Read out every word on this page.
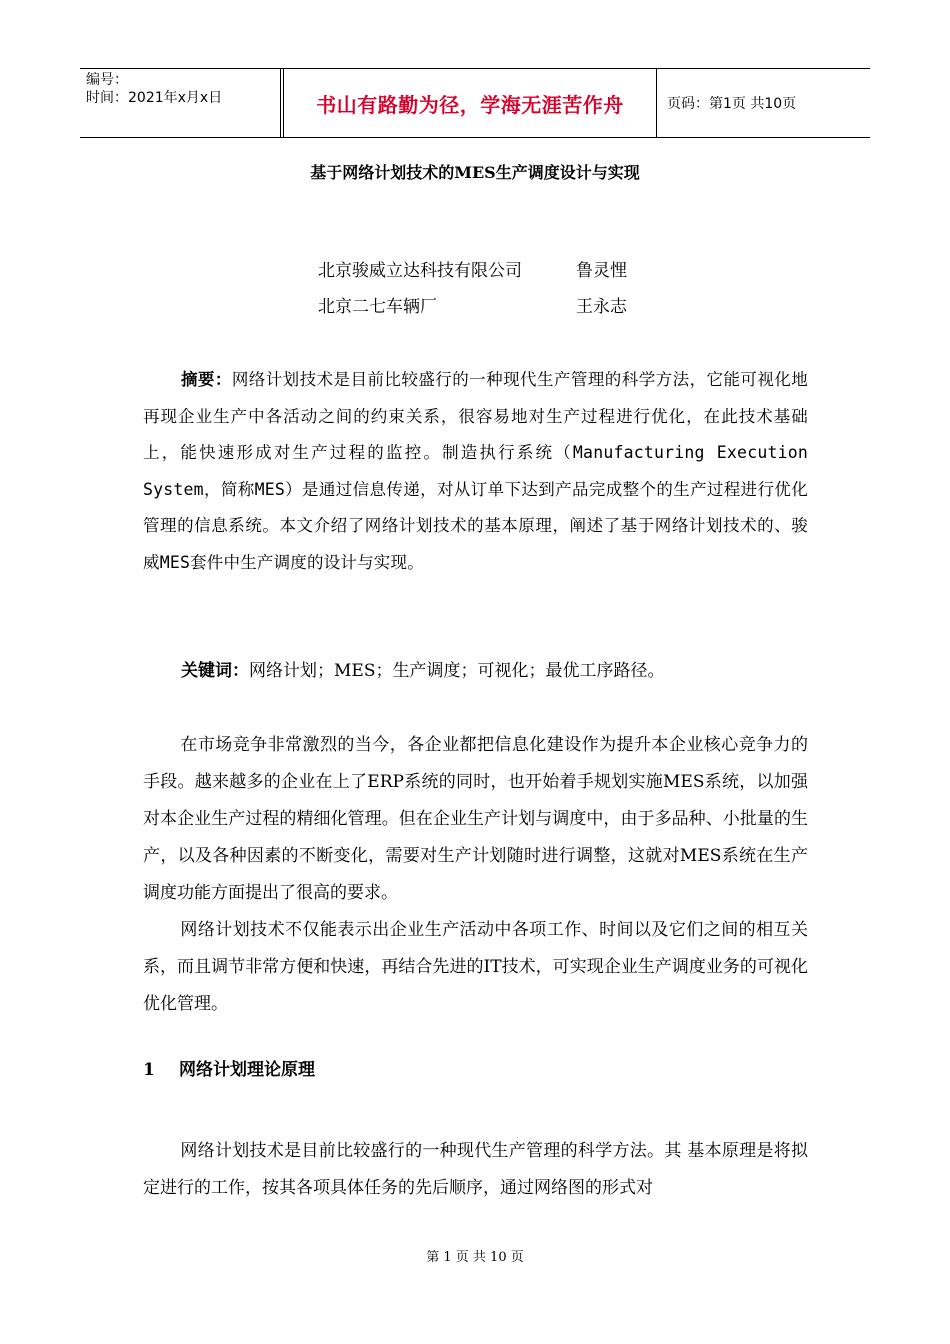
编号：
时间：2021年x月x日	书山有路勤为径，学海无涯苦作舟	页码：第1页 共10页
基于网络计划技术的MES生产调度设计与实现
北京骏威立达科技有限公司	鲁灵悝
北京二七车辆厂	王永志
摘要：网络计划技术是目前比较盛行的一种现代生产管理的科学方法，它能可视化地再现企业生产中各活动之间的约束关系，很容易地对生产过程进行优化，在此技术基础上，能快速形成对生产过程的监控。制造执行系统（Manufacturing Execution System，简称MES）是通过信息传递，对从订单下达到产品完成整个的生产过程进行优化管理的信息系统。本文介绍了网络计划技术的基本原理，阐述了基于网络计划技术的、骏威MES套件中生产调度的设计与实现。
关键词：网络计划；MES；生产调度；可视化；最优工序路径。
在市场竞争非常激烈的当今，各企业都把信息化建设作为提升本企业核心竞争力的手段。越来越多的企业在上了ERP系统的同时，也开始着手规划实施MES系统，以加强对本企业生产过程的精细化管理。但在企业生产计划与调度中，由于多品种、小批量的生产，以及各种因素的不断变化，需要对生产计划随时进行调整，这就对MES系统在生产调度功能方面提出了很高的要求。
网络计划技术不仅能表示出企业生产活动中各项工作、时间以及它们之间的相互关系，而且调节非常方便和快速，再结合先进的IT技术，可实现企业生产调度业务的可视化优化管理。
1 网络计划理论原理
网络计划技术是目前比较盛行的一种现代生产管理的科学方法。其 基本原理是将拟定进行的工作，按其各项具体任务的先后顺序，通过网络图的形式对
第 1 页 共 10 页
